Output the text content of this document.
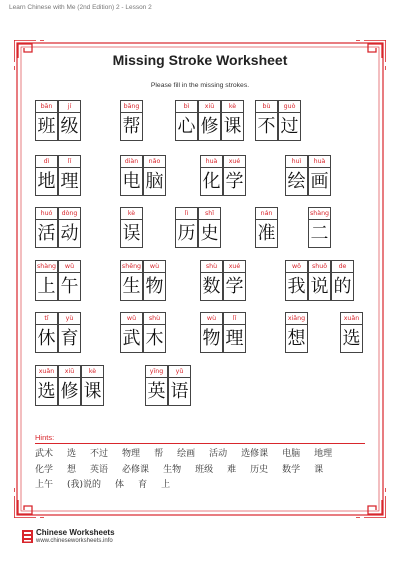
Learn Chinese with Me (2nd Edition) 2 - Lesson 2
Missing Stroke Worksheet
Please fill in the missing strokes.
bān
班
jí
级
bāng
帮
bì
心
xiū
修
kè
课
bù
不
guò
过
dì
地
lǐ
理
diàn
电
nǎo
脑
huà
化
xué
学
huì
绘
huà
画
huó
活
dòng
动
kè
误
lì
历
shǐ
史
nán
准
shàng
二
shàng
上
wǔ
午
shēng
生
wù
物
shù
数
xué
学
wǒ
我
shuō
说
de
的
tǐ
休
yù
育
wǔ
武
shù
木
wù
物
lǐ
理
xiǎng
想
xuǎn
选
xuǎn
选
xiū
修
kè
课
yīng
英
yǔ
语
Hints:
武术 选 不过 物理 帮 绘画 活动 选修课 电脑 地理化学 想 英语 必修课 生物 班级 难 历史 数学 课上午 (我)说的 体 育 上
Chinese Worksheets
www.chineseworksheets.info
